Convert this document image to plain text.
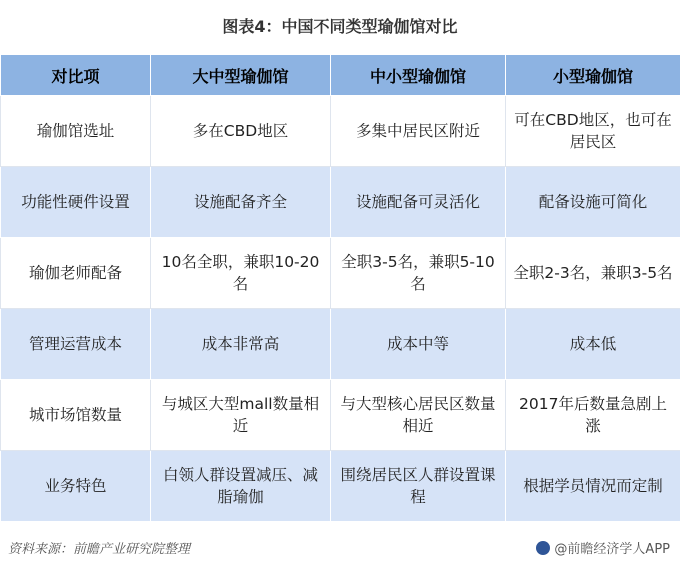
图表4：中国不同类型瑜伽馆对比
对比项	大中型瑜伽馆	中小型瑜伽馆	小型瑜伽馆
瑜伽馆选址	多在CBD地区	多集中居民区附近	可在CBD地区，也可在居民区
功能性硬件设置	设施配备齐全	设施配备可灵活化	配备设施可简化
瑜伽老师配备	10名全职，兼职10-20名	全职3-5名，兼职5-10名	全职2-3名，兼职3-5名
管理运营成本	成本非常高	成本中等	成本低
城市场馆数量	与城区大型mall数量相近	与大型核心居民区数量相近	2017年后数量急剧上涨
业务特色	白领人群设置减压、减脂瑜伽	围绕居民区人群设置课程	根据学员情况而定制
资料来源：前瞻产业研究院整理	@前瞻经济学人APP
